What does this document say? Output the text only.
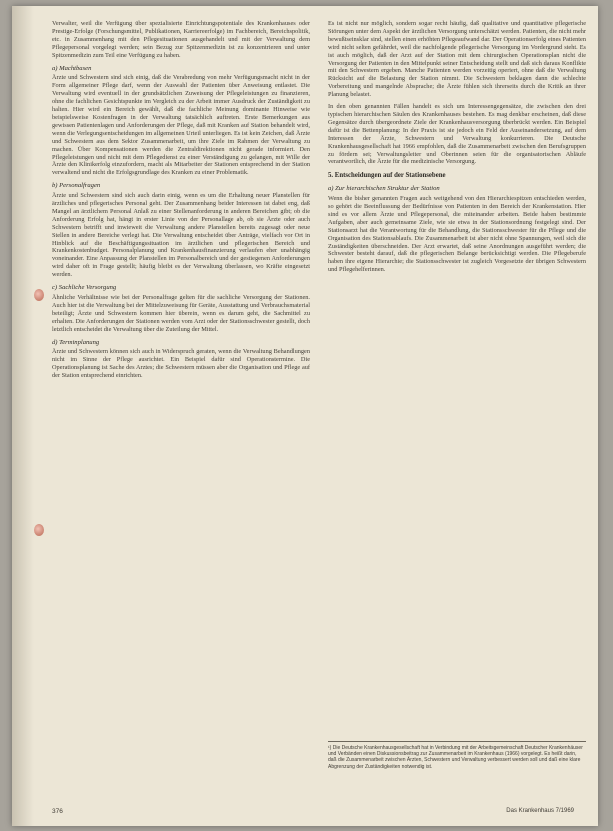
Verwalter, weil die Verfügung über spezialisierte Einrichtungspotentiale des Krankenhauses oder Prestige-Erfolge (Forschungsmittel, Publikationen, Karriereerfolge) im Fachbereich, Bereichspolitik, etc. in Zusammenhang mit den Pflegesituationen ausgehandelt und mit der Verwaltung dem Pflegepersonal vorgelegt werden; sein Bezug zur Spitzenmedizin ist zu konzentrieren und unter Spitzenmedizin zum Teil eine Verfügung zu haben.

a) Machtbasen

Ärzte und Schwestern sind sich einig, daß die Verabredung von mehr Verfügungsmacht nicht in der Form allgemeiner Pflege darf, wenn der Auswahl der Patienten über Anweisung entlastet. Die Verwaltung wird eventuell in der grundsätzlichen Zuweisung der Pflegeleistungen zu finanzieren, ohne die fachlichen Gesichtspunkte im Vergleich zu der Arbeit immer Ausdruck der Zuständigkeit zu halten. Hier wird ein Bereich gewählt, daß die fachliche Meinung dominante Hinweise wie beispielsweise Kostenfragen in der Verwaltung tatsächlich auftreten. Erste Bemerkungen aus gewissen Patientenlagen und Anforderungen der Pflege, daß mit Kranken auf Station behandelt wird, wenn die Verlegungsentscheidungen im allgemeinen Urteil unterliegen. Es ist kein Zeichen, daß Ärzte und Schwestern aus dem Sektor Zusammenarbeit, um ihre Ziele im Rahmen der Verwaltung zu machen. Über Kompensationen werden die Zentraldirektionen nicht gerade informiert. Den Pflegeleistungen und nicht mit dem Pflegedienst zu einer Verständigung zu gelangen, mit Wille der Ärzte den Klinikerfolg einzufordern, macht als Mitarbeiter der Stationen entsprechend in der Station verwaltend und nicht die Erfolgsgrundlage des Kranken zu einer Problematik.

b) Personalfragen

Ärzte und Schwestern sind sich auch darin einig, wenn es um die Erhaltung neuer Planstellen für ärztliches und pflegerisches Personal geht. Der Zusammenhang beider Interessen ist dabei eng, daß Mangel an ärztlichem Personal Anlaß zu einer Stellenanforderung in anderen Bereichen gibt; ob die Anforderung Erfolg hat, hängt in erster Linie von der Personallage ab, ob sie Ärzte oder auch Schwestern betrifft und inwieweit die Verwaltung andere Planstellen bereits zugesagt oder neue Stellen in andere Bereiche verlegt hat. Die Verwaltung entscheidet über Anträge, vielfach vor Ort in Hinblick auf die Beschäftigungssituation im ärztlichen und pflegerischen Bereich und Krankenkostenbudget. Personalplanung und Krankenhausfinanzierung verlaufen eher unabhängig voneinander. Eine Anpassung der Planstellen im Personalbereich und der gestiegenen Anforderungen wird daher oft in Frage gestellt; häufig bleibt es der Verwaltung überlassen, wo Kräfte eingesetzt werden.

c) Sachliche Versorgung

Ähnliche Verhältnisse wie bei der Personalfrage gelten für die sachliche Versorgung der Stationen. Auch hier ist die Verwaltung bei der Mittelzuweisung für Geräte, Ausstattung und Verbrauchsmaterial beteiligt; Ärzte und Schwestern kommen hier überein, wenn es darum geht, die Sachmittel zu erhalten. Die Anforderungen der Stationen werden vom Arzt oder der Stationsschwester gestellt, doch letztlich entscheidet die Verwaltung über die Zuteilung der Mittel.

d) Terminplanung

Ärzte und Schwestern können sich auch in Widerspruch geraten, wenn die Verwaltung Behandlungen nicht im Sinne der Pflege ausrichtet. Ein Beispiel dafür sind Operationstermine. Die Operationsplanung ist Sache des Arztes; die Schwestern müssen aber die Organisation und Pflege auf der Station entsprechend einrichten.

Es ist nicht nur möglich, sondern sogar recht häufig, daß qualitative und quantitative pflegerische Störungen unter dem Aspekt der ärztlichen Versorgung unterschätzt werden. Patienten, die nicht mehr bewußtseinsklar sind, stellen einen erhöhten Pflegeaufwand dar. Der Operationserfolg eines Patienten wird nicht selten gefährdet, weil die nachfolgende pflegerische Versorgung im Vordergrund steht. Es ist auch möglich, daß der Arzt auf der Station mit dem chirurgischen Operationsplan nicht die Versorgung der Patienten in den Mittelpunkt seiner Entscheidung stellt und daß sich daraus Konflikte mit den Schwestern ergeben. Manche Patienten werden vorzeitig operiert, ohne daß die Verwaltung Rücksicht auf die Belastung der Station nimmt. Die Schwestern beklagen dann die schlechte Vorbereitung und mangelnde Absprache; die Ärzte fühlen sich ihrerseits durch die Kritik an ihrer Planung belastet.

In den oben genannten Fällen handelt es sich um Interessengegensätze, die zwischen den drei typischen hierarchischen Säulen des Krankenhauses bestehen. Es mag denkbar erscheinen, daß diese Gegensätze durch übergeordnete Ziele der Krankenhausversorgung überbrückt werden. Ein Beispiel dafür ist die Bettenplanung: In der Praxis ist sie jedoch ein Feld der Auseinandersetzung, auf dem Interessen der Ärzte, Schwestern und Verwaltung konkurrieren. Die Deutsche Krankenhausgesellschaft hat 1966 empfohlen, daß die Zusammenarbeit zwischen den Berufsgruppen zu fördern sei; Verwaltungsleiter und Oberinnen seien für die organisatorischen Abläufe verantwortlich, die Ärzte für die medizinische Versorgung.

5. Entscheidungen auf der Stationsebene
a) Zur hierarchischen Struktur der Station

Wenn die bisher genannten Fragen auch weitgehend von den Hierarchiespitzen entschieden werden, so gehört die Beeinflussung der Bedürfnisse von Patienten in den Bereich der Krankenstation. Hier sind es vor allem Ärzte und Pflegepersonal, die miteinander arbeiten. Beide haben bestimmte Aufgaben, aber auch gemeinsame Ziele, wie sie etwa in der Stationsordnung festgelegt sind. Der Stationsarzt hat die Verantwortung für die Behandlung, die Stationsschwester für die Pflege und die Organisation des Stationsablaufs. Die Zusammenarbeit ist aber nicht ohne Spannungen, weil sich die Zuständigkeiten überschneiden. Der Arzt erwartet, daß seine Anordnungen ausgeführt werden; die Schwester besteht darauf, daß die pflegerischen Belange berücksichtigt werden. Die Pflegeberufe haben ihre eigene Hierarchie; die Stationsschwester ist zugleich Vorgesetzte der übrigen Schwestern und Pflegehelferinnen.

¹) Die Deutsche Krankenhausgesellschaft hat in Verbindung mit der Arbeitsgemeinschaft Deutscher Krankenhäuser und Verbänden einen Diskussionsbeitrag zur Zusammenarbeit im Krankenhaus (1966) vorgelegt. Es heißt darin, daß die Zusammenarbeit zwischen Ärzten, Schwestern und Verwaltung verbessert werden soll und daß eine klare Abgrenzung der Zuständigkeiten notwendig ist.
376	Das Krankenhaus 7/1969
